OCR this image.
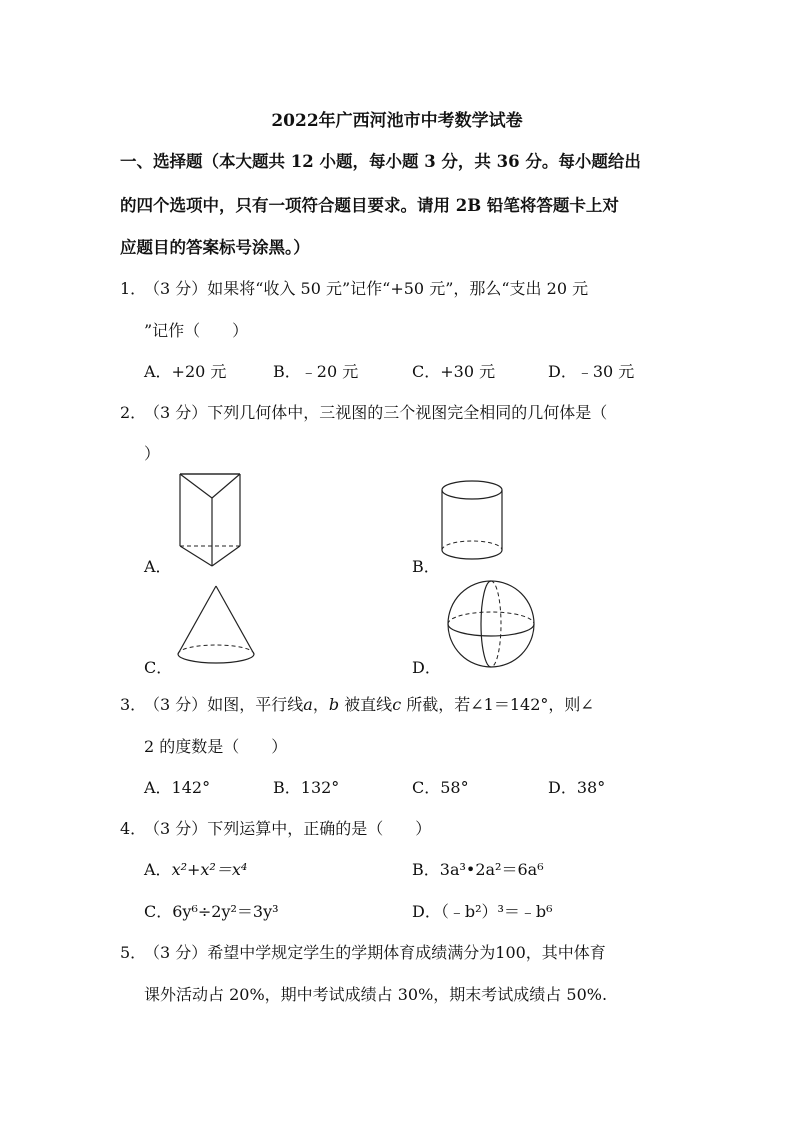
2022年广西河池市中考数学试卷
一、选择题（本大题共 12 小题，每小题 3 分，共 36 分。每小题给出
的四个选项中，只有一项符合题目要求。请用 2B 铅笔将答题卡上对
应题目的答案标号涂黑。）
1．
（3 分）如果将“收入 50 元”记作“+50 元”，那么“支出 20 元
”记作（　　）
A．+20 元	B．﹣20 元	C．+30 元	D．﹣30 元
2．
（3 分）下列几何体中，三视图的三个视图完全相同的几何体是（
）
A．	B．
C．	D．
3．
（3 分）如图，平行线a，b 被直线c 所截，若∠1＝142°，则∠
2 的度数是（　　）
A．142°	B．132°	C．58°	D．38°
4．
（3 分）下列运算中，正确的是（　　）
A．x²+x²＝x⁴	B．3a³•2a²＝6a⁶
C．6y⁶÷2y²＝3y³	D．（﹣b²）³＝﹣b⁶
5．
（3 分）希望中学规定学生的学期体育成绩满分为100，其中体育
课外活动占 20%，期中考试成绩占 30%，期末考试成绩占 50%.
